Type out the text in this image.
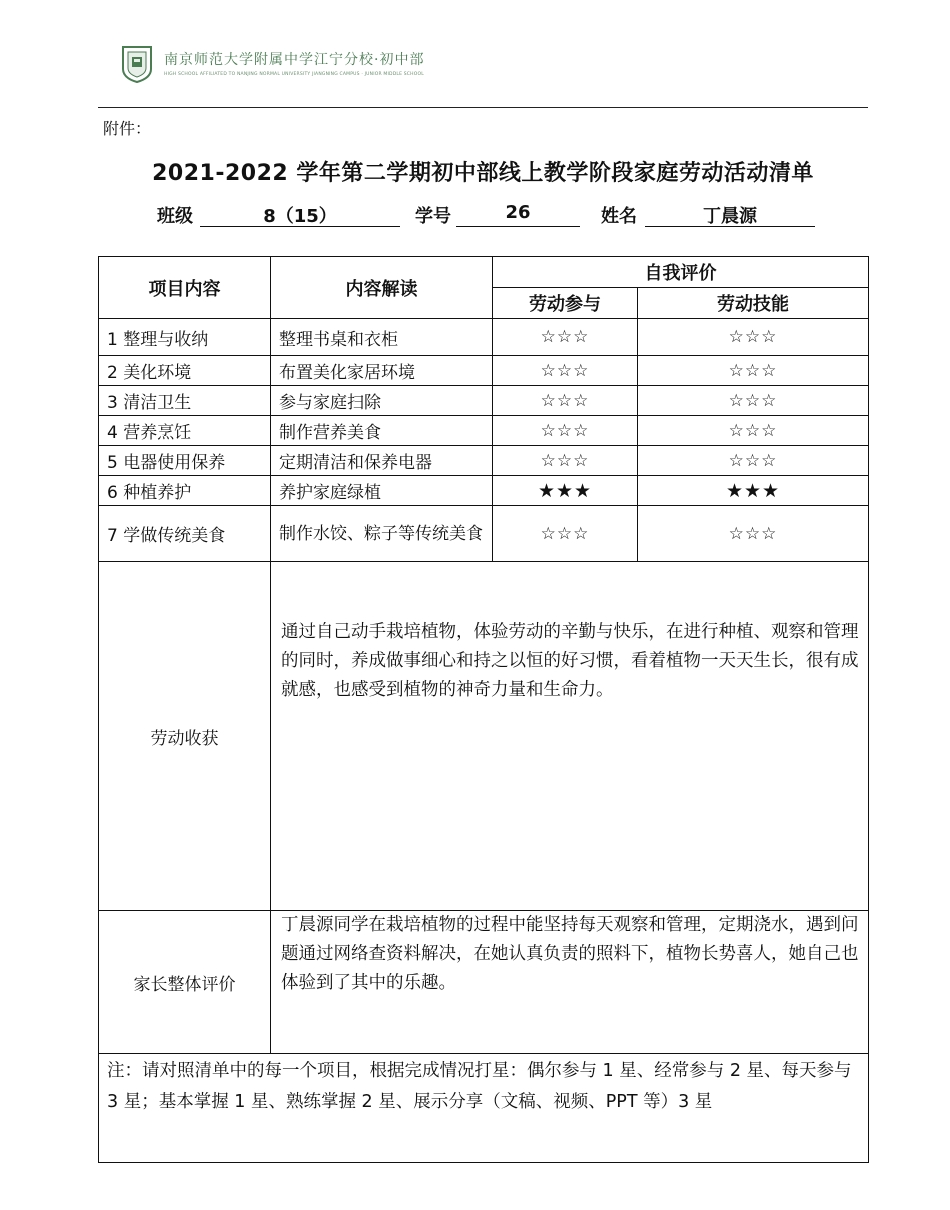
南京师范大学附属中学江宁分校·初中部
HIGH SCHOOL AFFILIATED TO NANJING NORMAL UNIVERSITY JIANGNING CAMPUS · JUNIOR MIDDLE SCHOOL
附件：
2021-2022 学年第二学期初中部线上教学阶段家庭劳动活动清单
班级	8（15）	学号	26	姓名	丁晨源
项目内容	内容解读	自我评价	
		劳动参与	劳动技能
1 整理与收纳	整理书桌和衣柜	☆☆☆	☆☆☆
2 美化环境	布置美化家居环境	☆☆☆	☆☆☆
3 清洁卫生	参与家庭扫除	☆☆☆	☆☆☆
4 营养烹饪	制作营养美食	☆☆☆	☆☆☆
5 电器使用保养	定期清洁和保养电器	☆☆☆	☆☆☆
6 种植养护	养护家庭绿植	★★★	★★★
7 学做传统美食	制作水饺、粽子等传统美食	☆☆☆	☆☆☆
劳动收获	通过自己动手栽培植物，体验劳动的辛勤与快乐，在进行种植、观察和管理的同时，养成做事细心和持之以恒的好习惯，看着植物一天天生长，很有成就感，也感受到植物的神奇力量和生命力。		
家长整体评价	丁晨源同学在栽培植物的过程中能坚持每天观察和管理，定期浇水，遇到问题通过网络查资料解决，在她认真负责的照料下，植物长势喜人，她自己也体验到了其中的乐趣。		
注：请对照清单中的每一个项目，根据完成情况打星：偶尔参与 1 星、经常参与 2 星、每天参与 3 星；基本掌握 1 星、熟练掌握 2 星、展示分享（文稿、视频、PPT 等）3 星			
